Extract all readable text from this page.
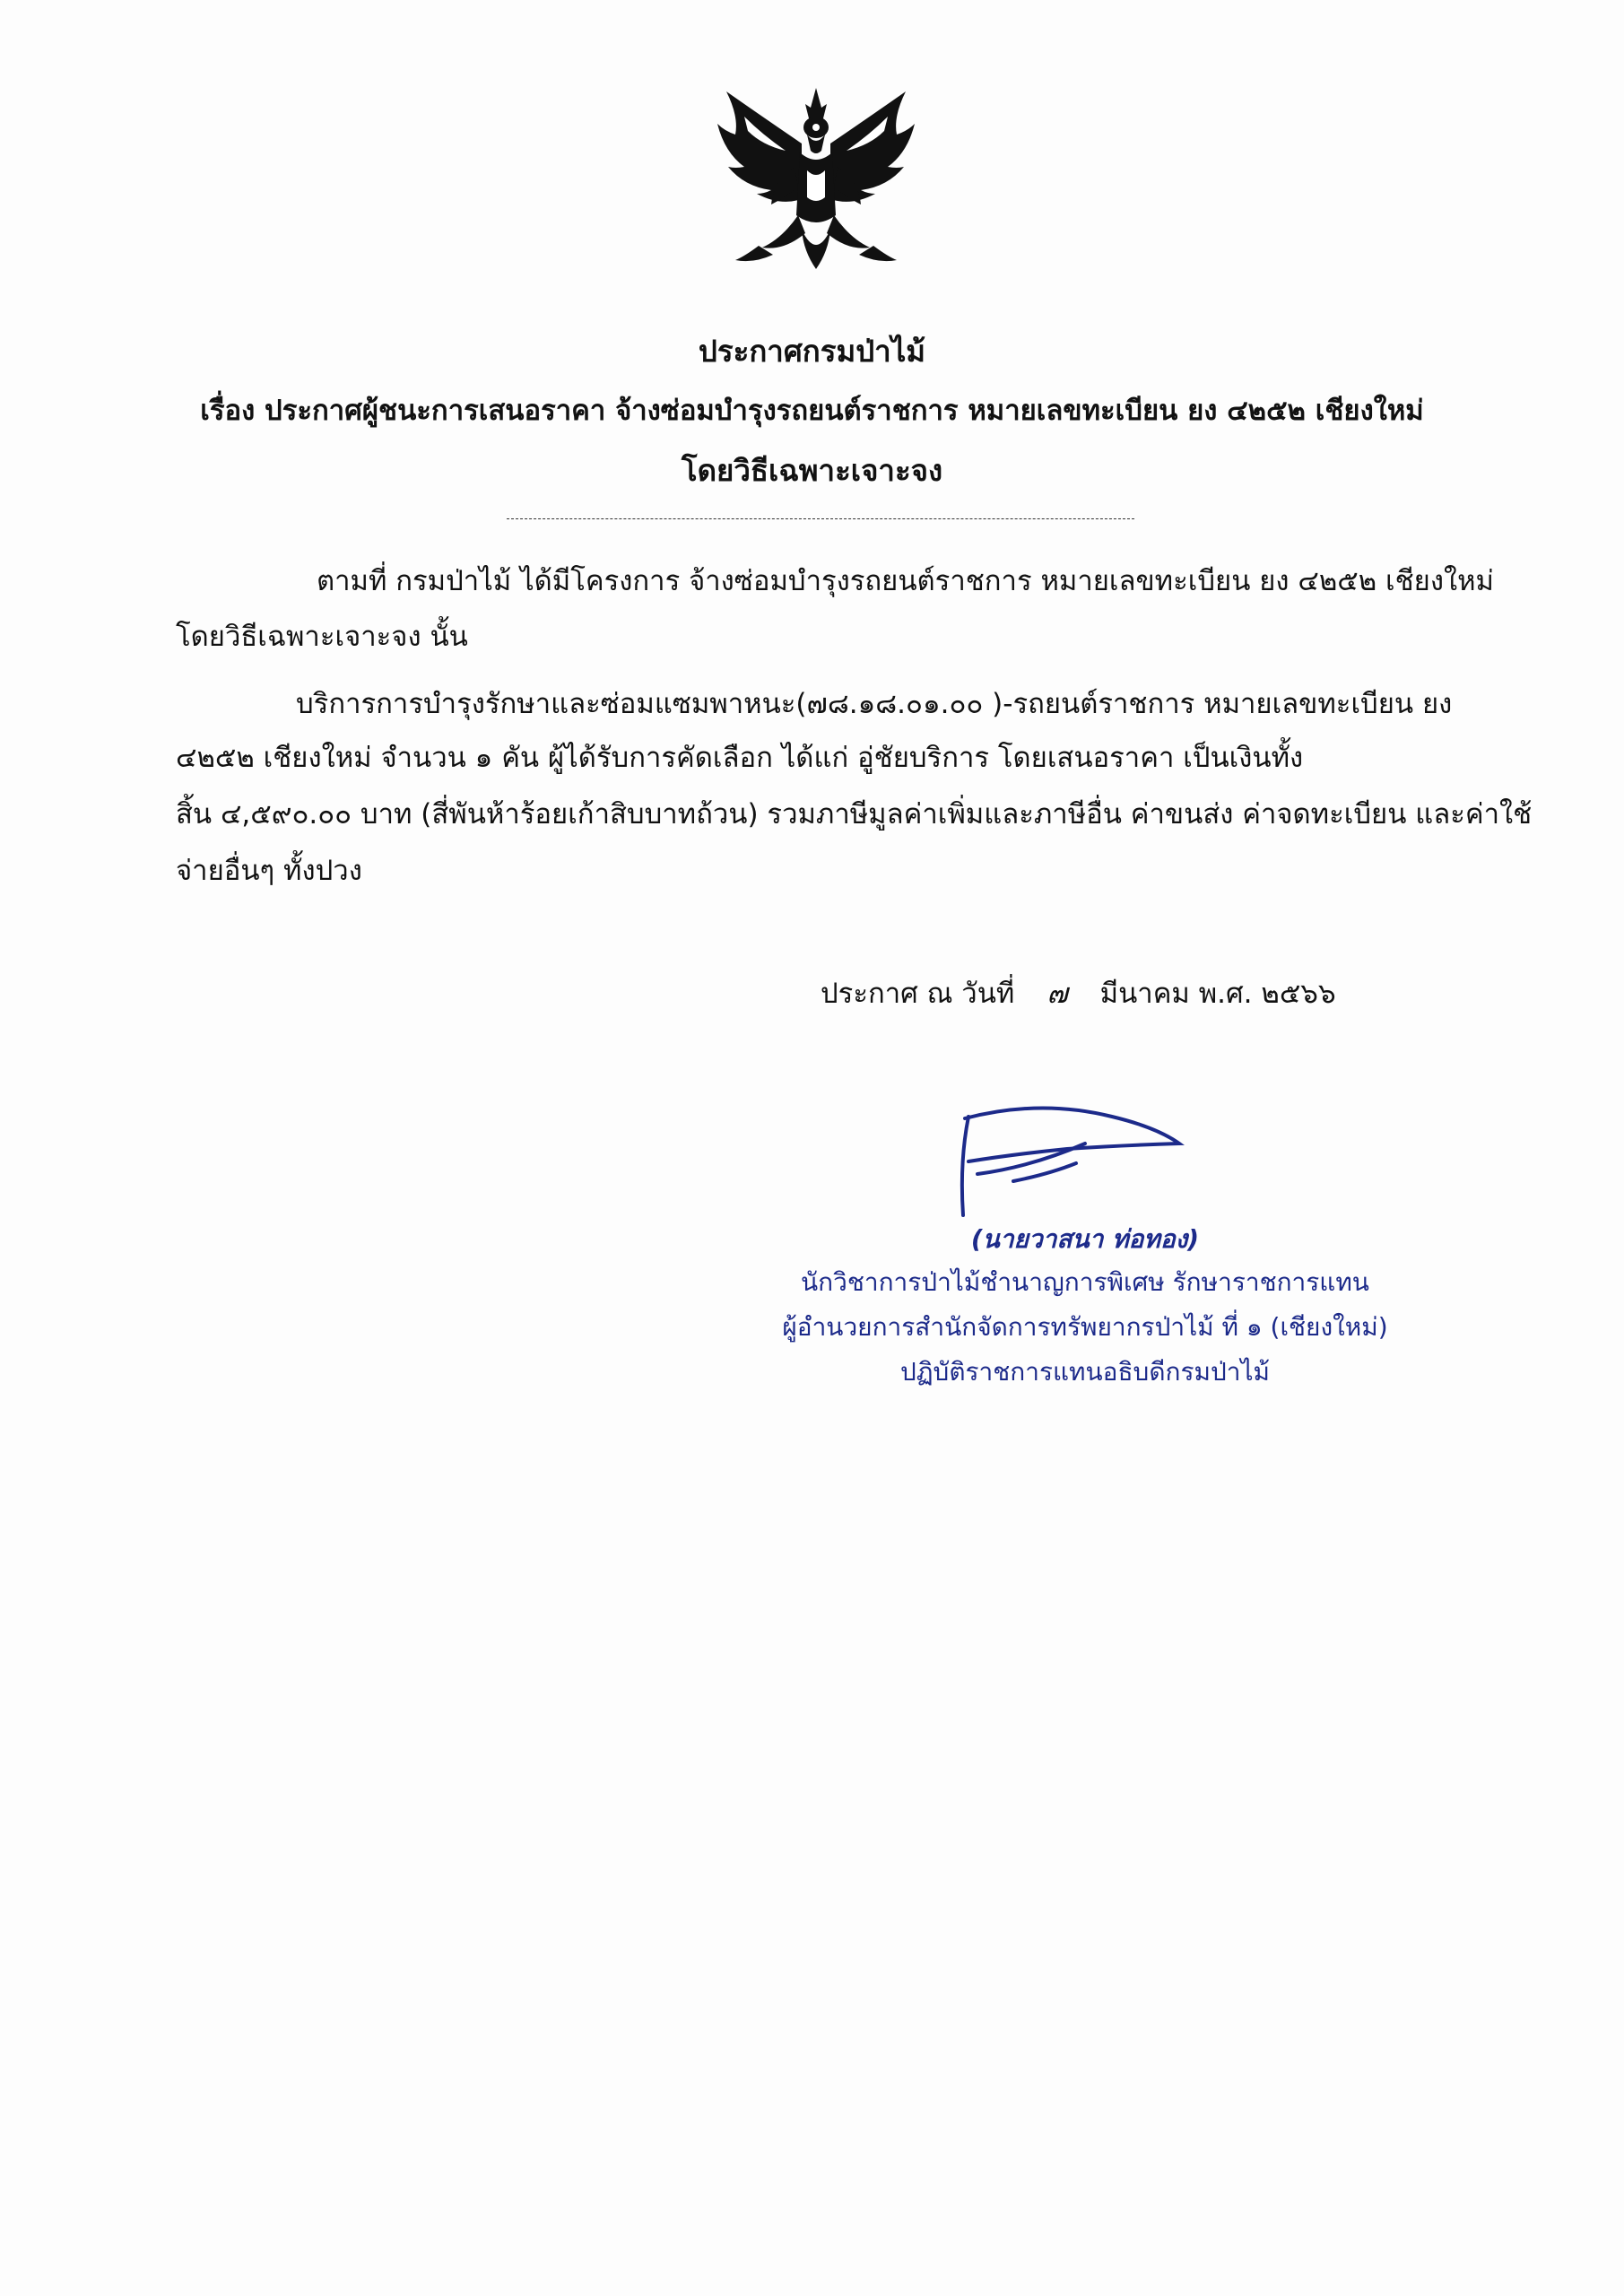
ประกาศกรมป่าไม้
เรื่อง ประกาศผู้ชนะการเสนอราคา จ้างซ่อมบำรุงรถยนต์ราชการ หมายเลขทะเบียน ยง ๔๒๕๒ เชียงใหม่
โดยวิธีเฉพาะเจาะจง
ตามที่ กรมป่าไม้ ได้มีโครงการ จ้างซ่อมบำรุงรถยนต์ราชการ หมายเลขทะเบียน ยง ๔๒๕๒ เชียงใหม่
โดยวิธีเฉพาะเจาะจง นั้น
บริการการบำรุงรักษาและซ่อมแซมพาหนะ(๗๘.๑๘.๐๑.๐๐ )-รถยนต์ราชการ หมายเลขทะเบียน ยง
๔๒๕๒ เชียงใหม่ จำนวน ๑ คัน ผู้ได้รับการคัดเลือก ได้แก่ อู่ชัยบริการ โดยเสนอราคา เป็นเงินทั้ง
สิ้น ๔,๕๙๐.๐๐ บาท (สี่พันห้าร้อยเก้าสิบบาทถ้วน) รวมภาษีมูลค่าเพิ่มและภาษีอื่น ค่าขนส่ง ค่าจดทะเบียน และค่าใช้
จ่ายอื่นๆ ทั้งปวง
ประกาศ ณ วันที่ ๗ มีนาคม พ.ศ. ๒๕๖๖
(นายวาสนา ท่อทอง)
นักวิชาการป่าไม้ชำนาญการพิเศษ รักษาราชการแทน
ผู้อำนวยการสำนักจัดการทรัพยากรป่าไม้ ที่ ๑ (เชียงใหม่)
ปฏิบัติราชการแทนอธิบดีกรมป่าไม้
